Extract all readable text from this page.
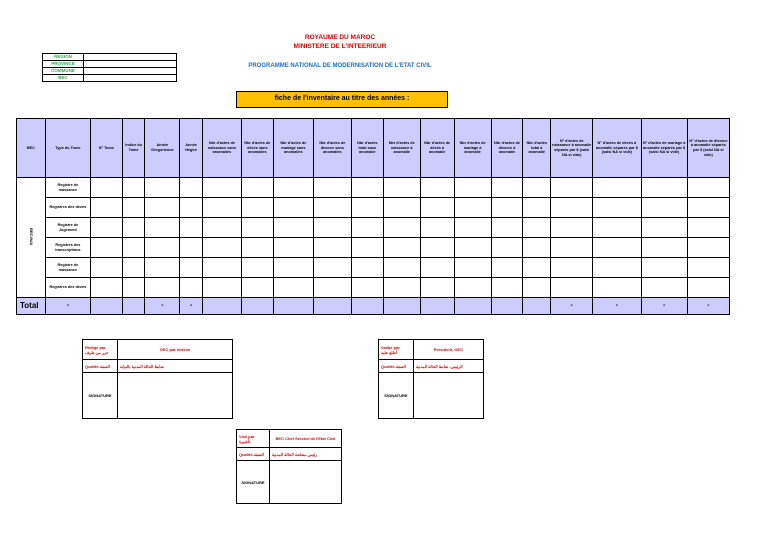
ROYAUME DU MAROC
MINISTERE DE L'INTEERIEUR
PROGRAMME NATIONAL DE MODERNISATION DE L'ETAT CIVIL
REGION	
PROVINCE	
COMMUNE	
BEC	
fiche de l'inventaire au titre des années :
BEC	Type du Tome	N° Tome	Indice du Tome	Année Grégorienne	Année Hégire	Nbr d'actes de naissance sans anomalies	Nbr d'actes de décès sans anomalies	Nbr d'actes de mariage sans anomalies	Nbr d'actes de divorce sans anomalies	Nbr d'actes total sans anomalie	Nbr d'actes de naissance à anomalie	Nbr d'actes de décès à anomalie	Nbr d'actes de mariage à anomalie	Nbr d'actes de divorce à anomalie	Nbr d'actes total à anomalie	N° d'actes de naissance à anomalie séparés par $ (saisi NA si vide)	N° d'actes de décès à anomalie séparés par $ (saisi NA si vide)	N° d'actes de mariage à anomalie séparés par $ (saisi NA si vide)	N° d'actes de divorce à anomalie séparés par $ (saisi NA si vide)
BEC#N/A	Registre de naissance																		
	Registres des décès																		
	Registre de Jugement																		
	Registres des transcriptions																		
	Registre de naissance																		
	Registres des décès																		
Total	-			-	-											-	-	-	-
Rédigé par
حرر من طرف	OEC par Intérim
Qualité-الصفة	ضابط الحالة المدنية بالنيابة
SIGNATURE	
Validé par
أطلع عليه	Président, OEC
Qualité-الصفة	الرئيس، ضابط الحالة المدنية
SIGNATURE	
Visé par
تأشيرة	BEC Chef Service de l'Etat Civil
Qualité-الصفة	رئيس مصلحة الحالة المدنية
SIGNATURE	
